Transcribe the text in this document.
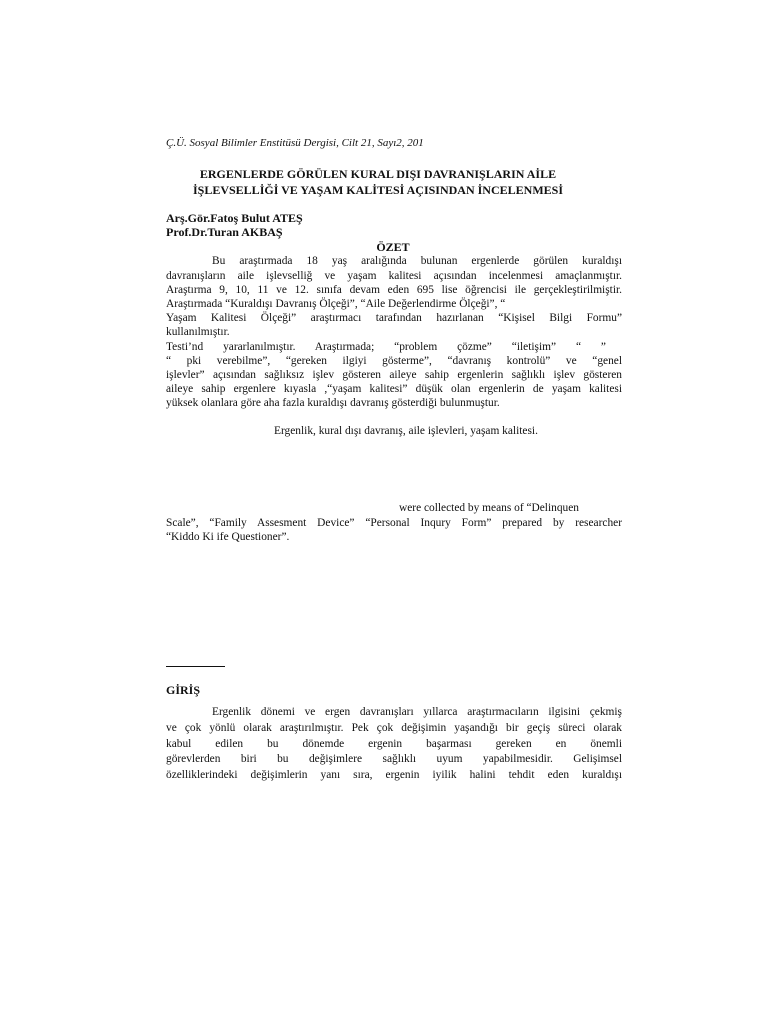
Ç.Ü. Sosyal Bilimler Enstitüsü Dergisi, Cilt 21, Sayı2, 201
ERGENLERDE GÖRÜLEN KURAL DIŞI DAVRANIŞLARIN AİLE
İŞLEVSELLİĞİ VE YAŞAM KALİTESİ AÇISINDAN İNCELENMESİ
Arş.Gör.Fatoş Bulut ATEŞ
Prof.Dr.Turan AKBAŞ
ÖZET
Bu araştırmada 18 yaş aralığında bulunan ergenlerde görülen kuraldışı
davranışların aile işlevselliğ ve yaşam kalitesi açısından incelenmesi amaçlanmıştır.
Araştırma 9, 10, 11 ve 12. sınıfa devam eden 695 lise öğrencisi ile gerçekleştirilmiştir.
Araştırmada “Kuraldışı Davranış Ölçeği”, “Aile Değerlendirme Ölçeği”, “
Yaşam Kalitesi Ölçeği” araştırmacı tarafından hazırlanan “Kişisel Bilgi Formu”
kullanılmıştır.
Testi’nd yararlanılmıştır. Araştırmada; “problem çözme” “iletişim” “ ”
“ pki verebilme”, “gereken ilgiyi gösterme”, “davranış kontrolü” ve “genel
işlevler” açısından sağlıksız işlev gösteren aileye sahip ergenlerin sağlıklı işlev gösteren
aileye sahip ergenlere kıyasla ,“yaşam kalitesi” düşük olan ergenlerin de yaşam kalitesi
yüksek olanlara göre aha fazla kuraldışı davranış gösterdiği bulunmuştur.
Ergenlik, kural dışı davranış, aile işlevleri, yaşam kalitesi.
were collected by means of “Delinquen
Scale”, “Family Assesment Device” “Personal Inqury Form” prepared by researcher
“Kiddo Ki ife Questioner”.
GİRİŞ
Ergenlik dönemi ve ergen davranışları yıllarca araştırmacıların ilgisini çekmiş
ve çok yönlü olarak araştırılmıştır. Pek çok değişimin yaşandığı bir geçiş süreci olarak
kabul edilen bu dönemde ergenin başarması gereken en önemli
görevlerden biri bu değişimlere sağlıklı uyum yapabilmesidir. Gelişimsel
özelliklerindeki değişimlerin yanı sıra, ergenin iyilik halini tehdit eden kuraldışı
